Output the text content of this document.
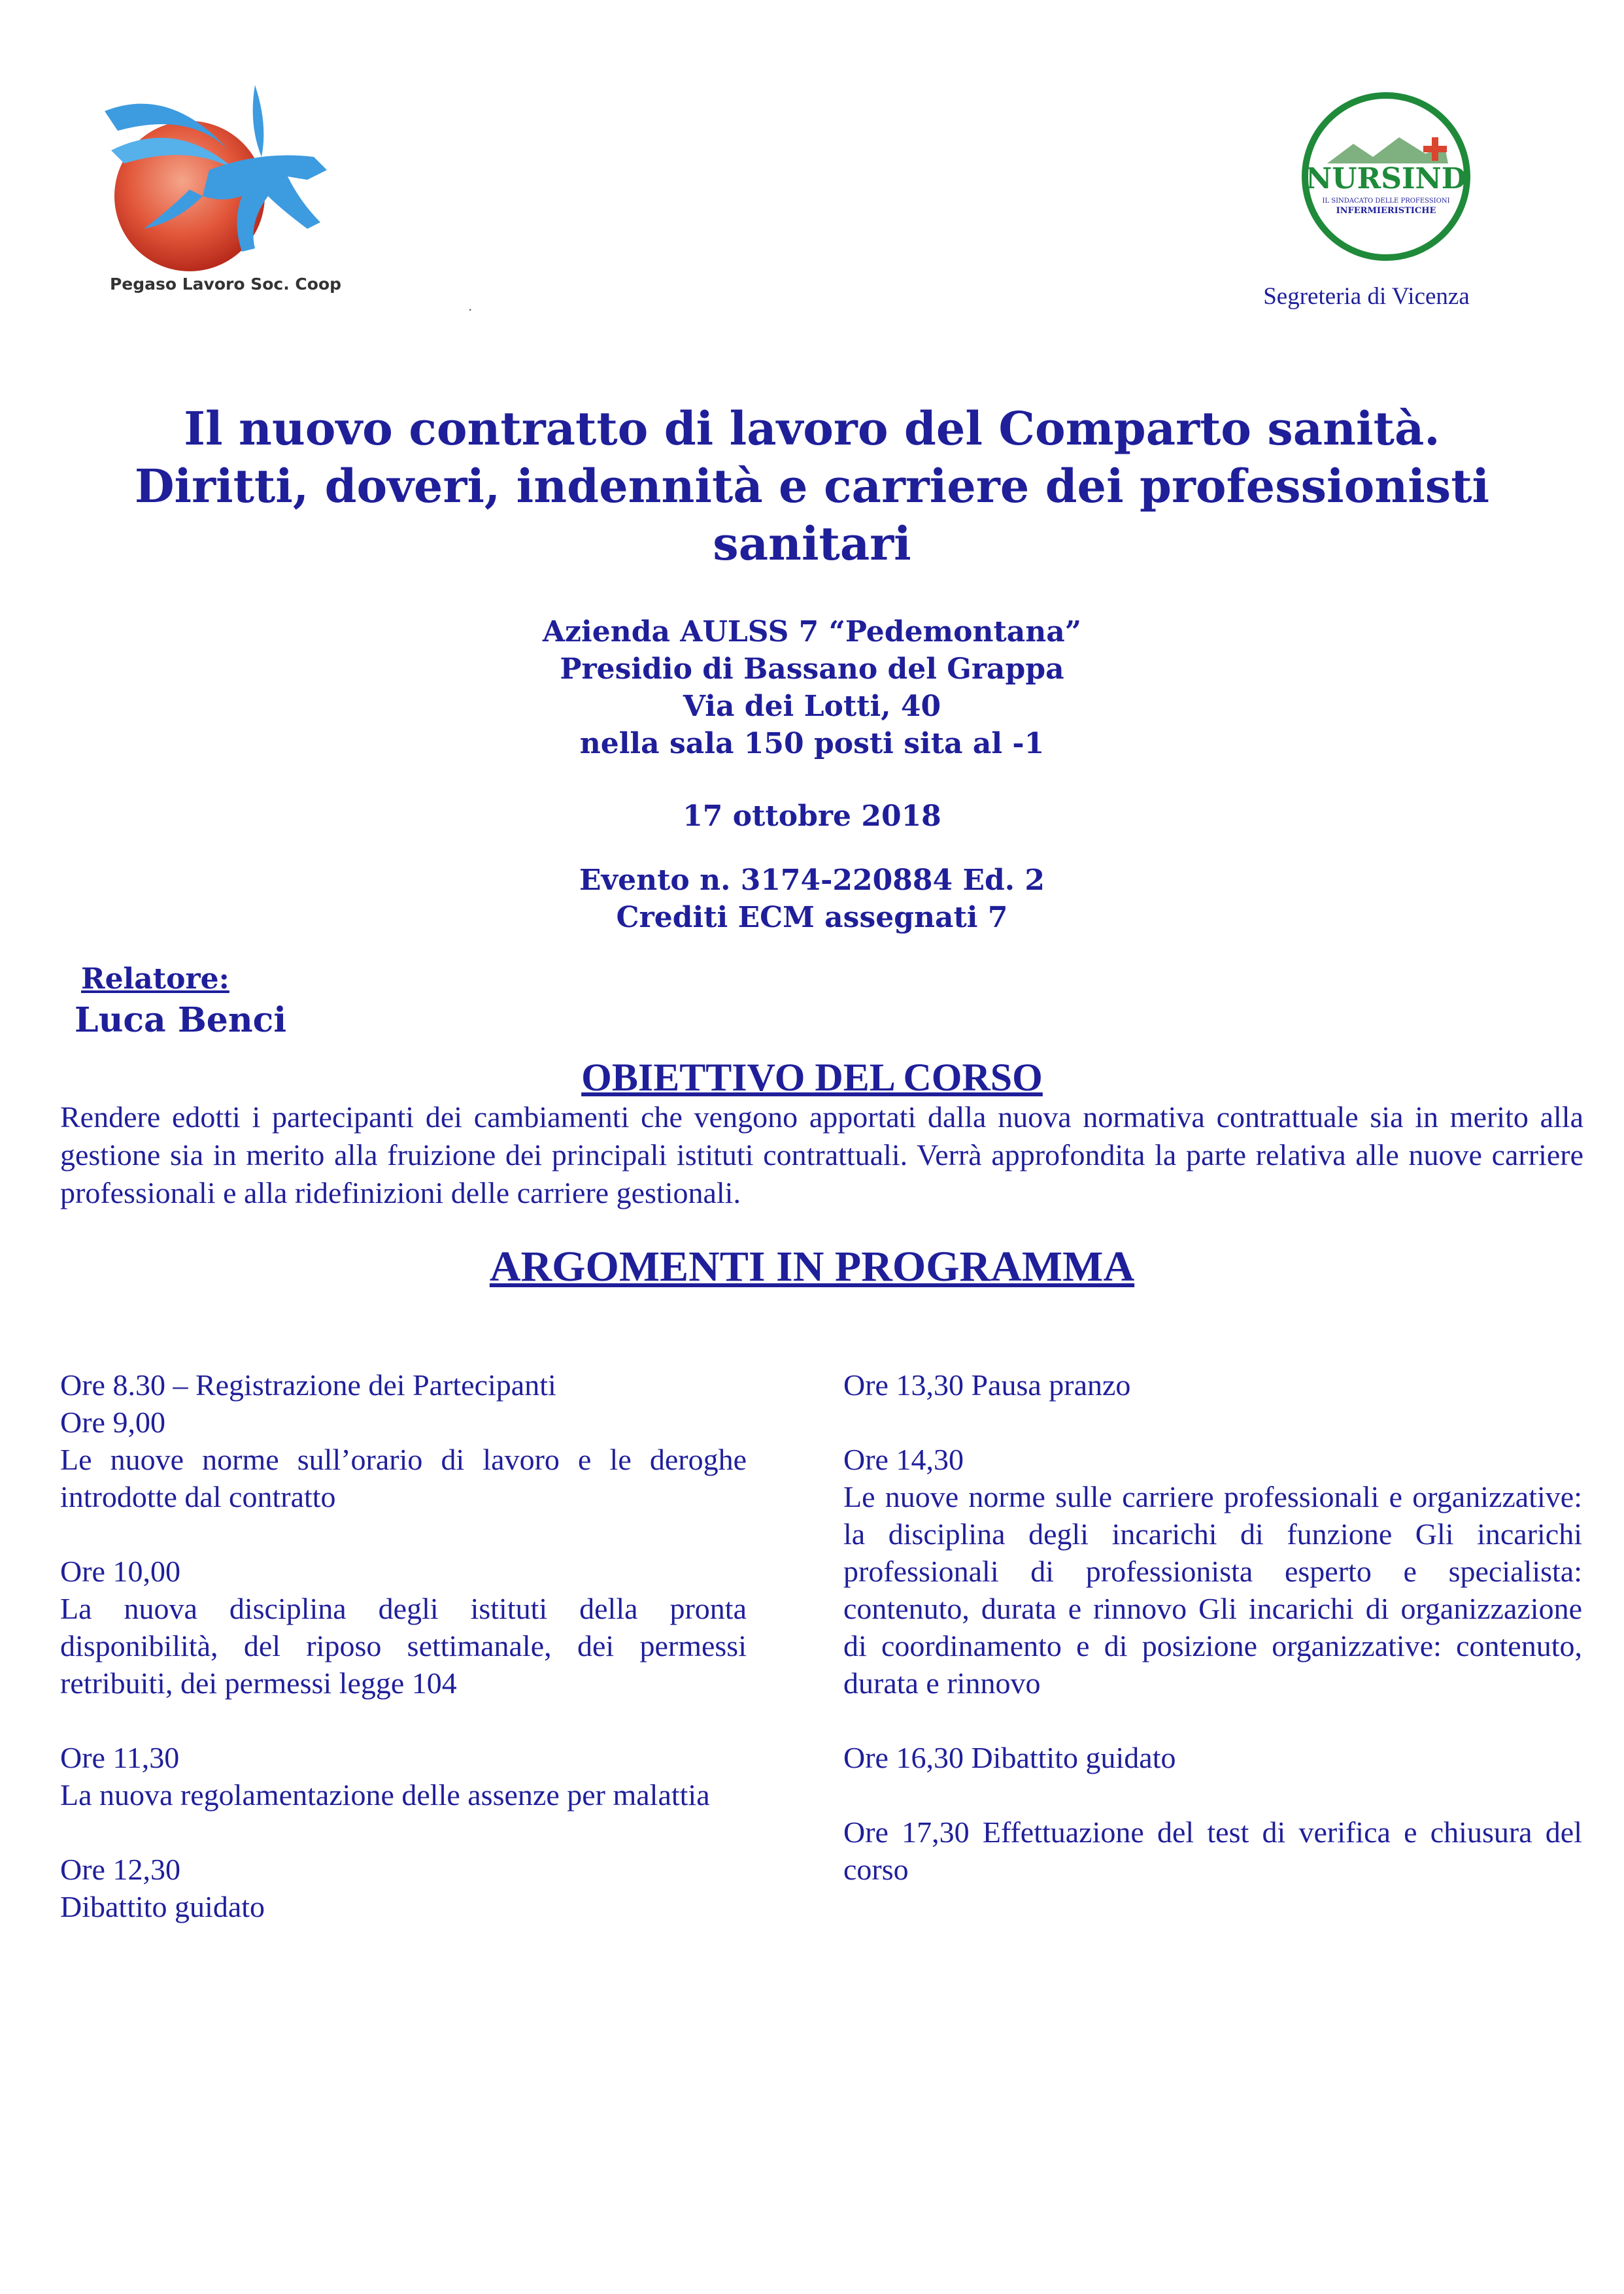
Pegaso Lavoro Soc. Coop
NURSIND
IL SINDACATO DELLE PROFESSIONI
INFERMIERISTICHE
.	Segreteria di Vicenza
Il nuovo contratto di lavoro del Comparto sanità.
Diritti, doveri, indennità e carriere dei professionisti
sanitari
Azienda AULSS 7 “Pedemontana”
Presidio di Bassano del Grappa
Via dei Lotti, 40
nella sala 150 posti sita al -1
17 ottobre 2018
Evento n. 3174-220884 Ed. 2
Crediti ECM assegnati 7
Relatore:
Luca Benci
OBIETTIVO DEL CORSO
Rendere edotti i partecipanti dei cambiamenti che vengono apportati dalla nuova normativa contrattuale sia in merito alla gestione sia in merito alla fruizione dei principali istituti contrattuali. Verrà approfondita la parte relativa alle nuove carriere professionali e alla ridefinizioni delle carriere gestionali.
ARGOMENTI IN PROGRAMMA
Ore 8.30 – Registrazione dei Partecipanti
Ore 9,00
Le nuove norme sull’orario di lavoro e le deroghe introdotte dal contratto
Ore 10,00
La nuova disciplina degli istituti della pronta disponibilità, del riposo settimanale, dei permessi retribuiti, dei permessi legge 104
Ore 11,30
La nuova regolamentazione delle assenze per malattia
Ore 12,30
Dibattito guidato
Ore 13,30 Pausa pranzo
Ore 14,30
Le nuove norme sulle carriere professionali e organizzative: la disciplina degli incarichi di funzione Gli incarichi professionali di professionista esperto e specialista: contenuto, durata e rinnovo Gli incarichi di organizzazione di coordinamento e di posizione organizzative: contenuto, durata e rinnovo
Ore 16,30 Dibattito guidato
Ore 17,30 Effettuazione del test di verifica e chiusura del corso
